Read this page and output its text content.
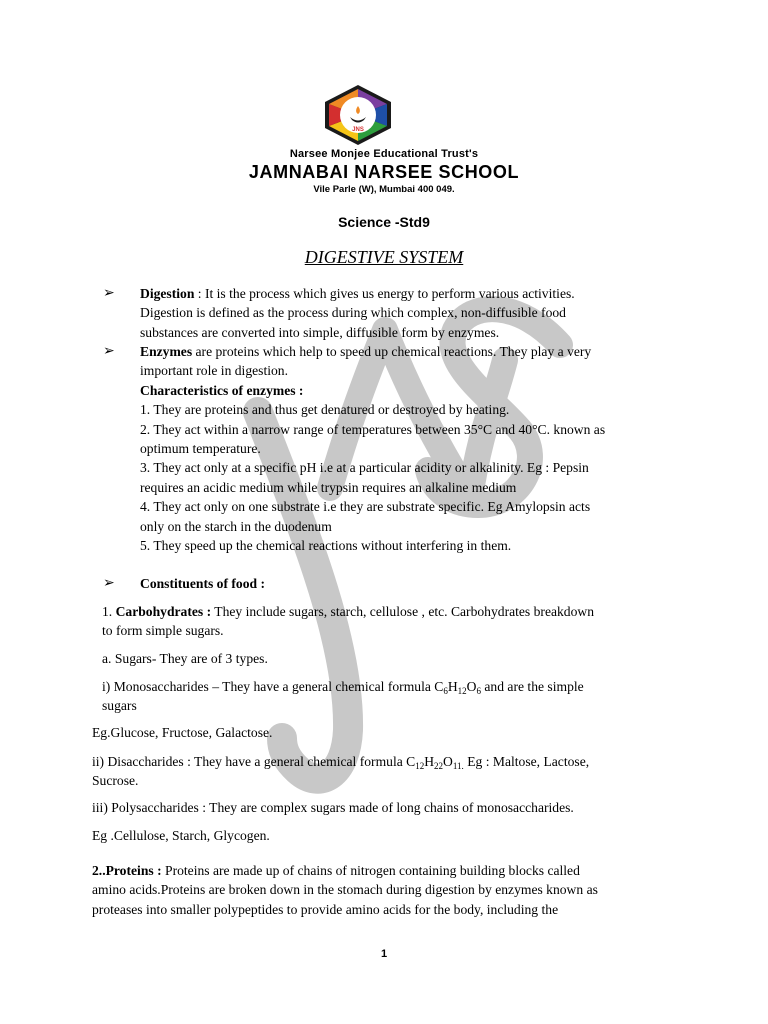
JNS
Narsee Monjee Educational Trust's
JAMNABAI NARSEE SCHOOL
Vile Parle (W), Mumbai 400 049.
Science -Std9
DIGESTIVE SYSTEM
➢ Digestion : It is the process which gives us energy to perform various activities.
Digestion is defined as the process during which complex, non-diffusible food
substances are converted into simple, diffusible form by enzymes.
➢ Enzymes are proteins which help to speed up chemical reactions. They play a very
important role in digestion.
Characteristics of enzymes :
1. They are proteins and thus get denatured or destroyed by heating.
2. They act within a narrow range of temperatures between 35°C and 40°C. known as
optimum temperature.
3. They act only at a specific pH i.e at a particular acidity or alkalinity. Eg : Pepsin
requires an acidic medium while trypsin requires an alkaline medium
4. They act only on one substrate i.e they are substrate specific. Eg Amylopsin acts
only on the starch in the duodenum
5. They speed up the chemical reactions without interfering in them.
➢ Constituents of food :
1. Carbohydrates : They include sugars, starch, cellulose , etc. Carbohydrates breakdown
to form simple sugars.
a. Sugars- They are of 3 types.
i) Monosaccharides – They have a general chemical formula $C_6H_{12}O_6$ and are the simple
sugars
Eg.Glucose, Fructose, Galactose.
ii) Disaccharides : They have a general chemical formula $C_{12}H_{22}O_{11.}$ Eg : Maltose, Lactose,
Sucrose.
iii) Polysaccharides : They are complex sugars made of long chains of monosaccharides.
Eg .Cellulose, Starch, Glycogen.
2..Proteins : Proteins are made up of chains of nitrogen containing building blocks called
amino acids.Proteins are broken down in the stomach during digestion by enzymes known as
proteases into smaller polypeptides to provide amino acids for the body, including the
1
